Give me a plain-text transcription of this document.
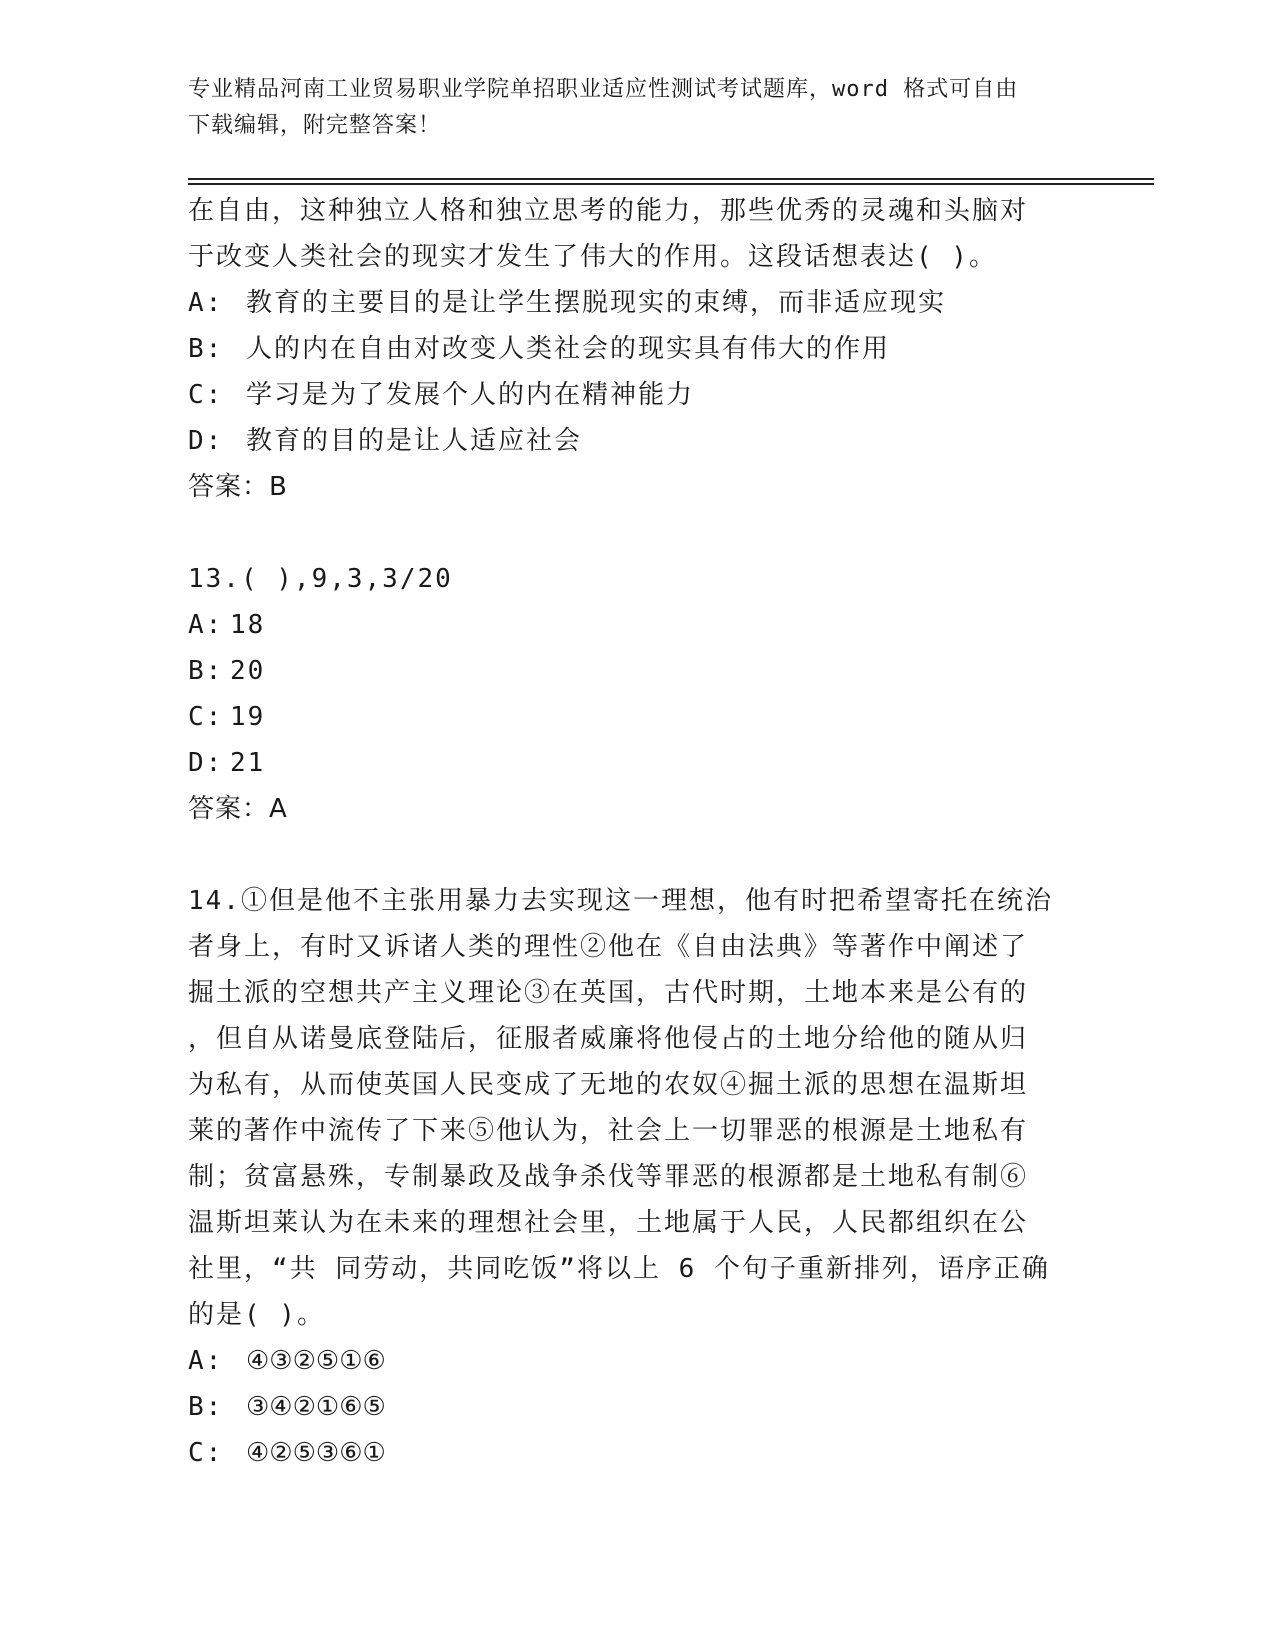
专业精品河南工业贸易职业学院单招职业适应性测试考试题库，word 格式可自由
下载编辑，附完整答案！
在自由，这种独立人格和独立思考的能力，那些优秀的灵魂和头脑对
于改变人类社会的现实才发生了伟大的作用。这段话想表达( )。
A: 教育的主要目的是让学生摆脱现实的束缚，而非适应现实
B: 人的内在自由对改变人类社会的现实具有伟大的作用
C: 学习是为了发展个人的内在精神能力
D: 教育的目的是让人适应社会
答案：B
13.( ),9,3,3/20
A: 18
B: 20
C: 19
D: 21
答案：A
14.①但是他不主张用暴力去实现这一理想，他有时把希望寄托在统治
者身上，有时又诉诸人类的理性②他在《自由法典》等著作中阐述了
掘土派的空想共产主义理论③在英国，古代时期，土地本来是公有的
，但自从诺曼底登陆后，征服者威廉将他侵占的土地分给他的随从归
为私有，从而使英国人民变成了无地的农奴④掘土派的思想在温斯坦
莱的著作中流传了下来⑤他认为，社会上一切罪恶的根源是土地私有
制；贫富悬殊，专制暴政及战争杀伐等罪恶的根源都是土地私有制⑥
温斯坦莱认为在未来的理想社会里，土地属于人民，人民都组织在公
社里，“共 同劳动，共同吃饭”将以上 6 个句子重新排列，语序正确
的是( )。
A: ④③②⑤①⑥
B: ③④②①⑥⑤
C: ④②⑤③⑥①
